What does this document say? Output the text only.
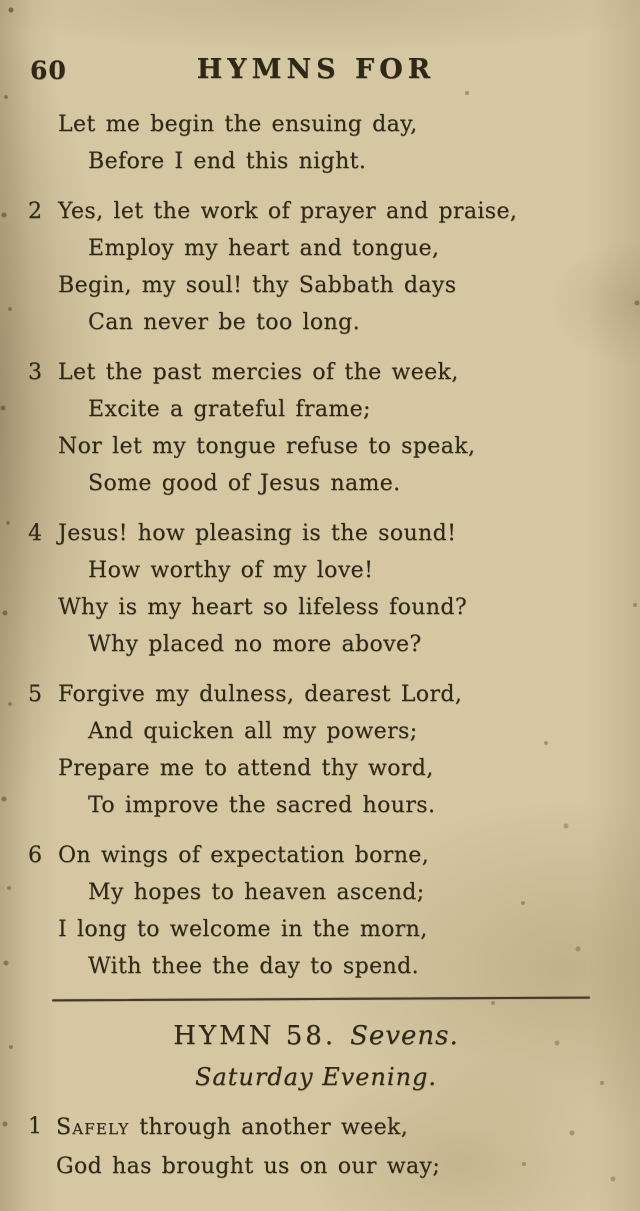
60	HYMNS FOR
Let me begin the ensuing day,
Before I end this night.
2 Yes, let the work of prayer and praise,
Employ my heart and tongue,
Begin, my soul! thy Sabbath days
Can never be too long.
3 Let the past mercies of the week,
Excite a grateful frame;
Nor let my tongue refuse to speak,
Some good of Jesus name.
4 Jesus! how pleasing is the sound!
How worthy of my love!
Why is my heart so lifeless found?
Why placed no more above?
5 Forgive my dulness, dearest Lord,
And quicken all my powers;
Prepare me to attend thy word,
To improve the sacred hours.
6 On wings of expectation borne,
My hopes to heaven ascend;
I long to welcome in the morn,
With thee the day to spend.
HYMN 58. Sevens.
Saturday Evening.
1 Safely through another week,
God has brought us on our way;
